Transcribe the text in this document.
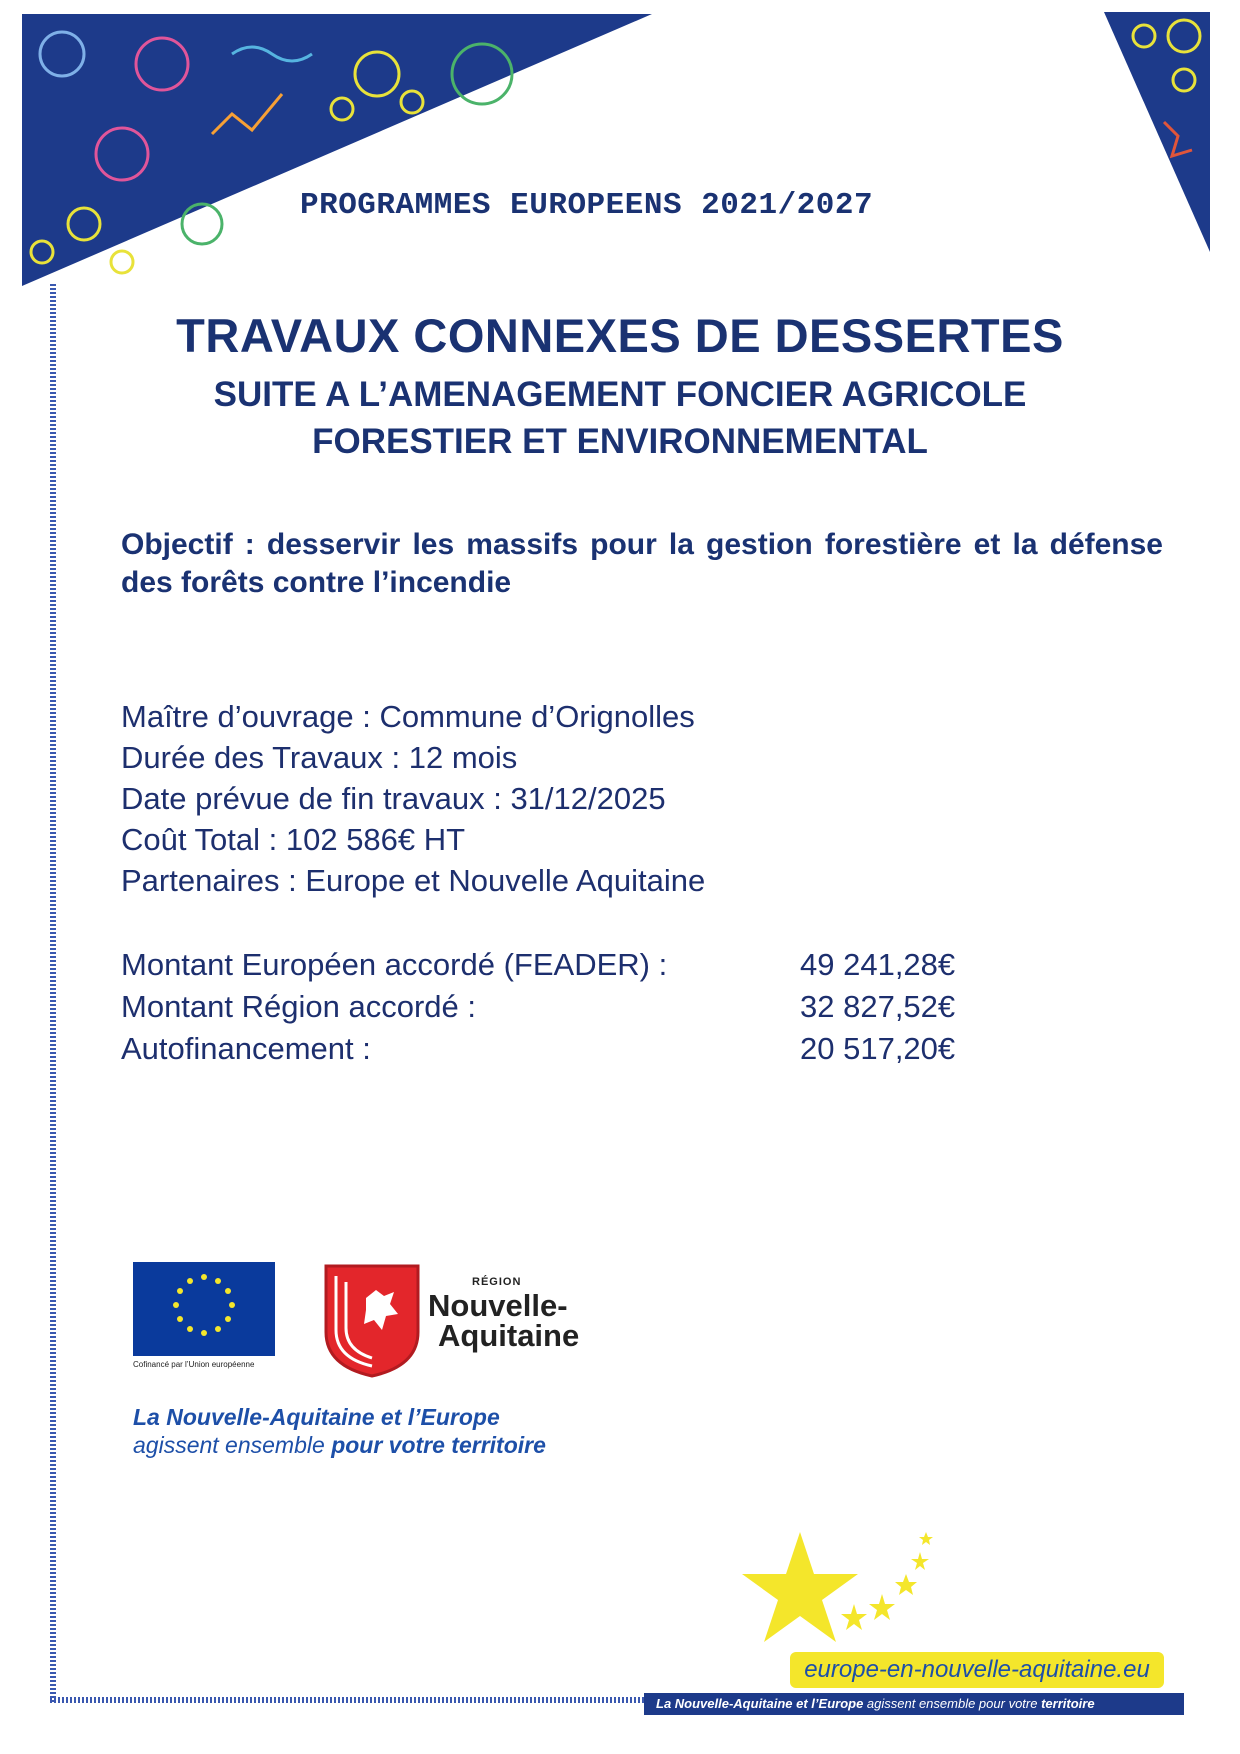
PROGRAMMES EUROPEENS 2021/2027
TRAVAUX CONNEXES DE DESSERTES
SUITE A L’AMENAGEMENT FONCIER AGRICOLE
FORESTIER ET ENVIRONNEMENTAL
Objectif : desservir les massifs pour la gestion forestière et la défense des forêts contre l’incendie
Maître d’ouvrage : Commune d’Orignolles
Durée des Travaux : 12 mois
Date prévue de fin travaux : 31/12/2025
Coût Total : 102 586€ HT
Partenaires : Europe et Nouvelle Aquitaine
Montant Européen accordé (FEADER) :	49 241,28€
Montant Région accordé :	32 827,52€
Autofinancement :	20 517,20€
Cofinancé par l’Union européenne
RÉGION
Nouvelle-
Aquitaine
La Nouvelle-Aquitaine et l’Europe
agissent ensemble pour votre territoire
europe-en-nouvelle-aquitaine.eu
La Nouvelle-Aquitaine et l’Europe agissent ensemble pour votre territoire
